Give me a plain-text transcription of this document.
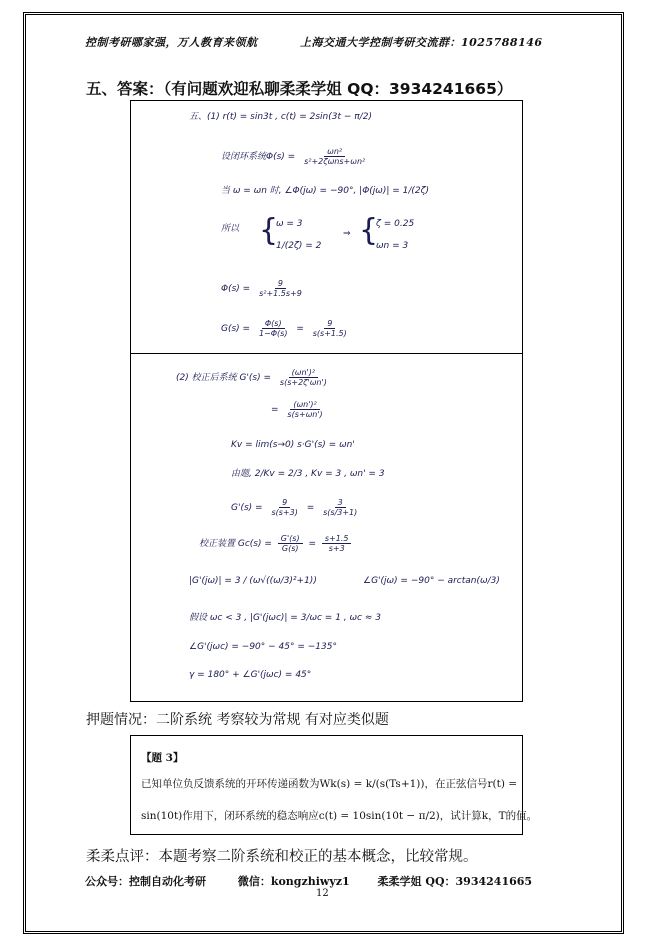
控制考研哪家强，万人教育来领航	上海交通大学控制考研交流群：1025788146
五、答案：（有问题欢迎私聊柔柔学姐 QQ：3934241665）
五、(1) r(t) = sin3t , c(t) = 2sin(3t − π/2)
设闭环系统$\Phi(s) = \frac{\text{ωn²}}{\text{s²+2ζωns+ωn²}}$
当 ω = ωn 时, ∠Φ(jω) = −90°, |Φ(jω)| = 1/(2ζ)
所以 {
ω = 3
1/(2ζ) = 2
⇒ {
ζ = 0.25
ωn = 3
$\Phi(s) = \frac{9}{\text{s²+1.5s+9}}$
$G(s) = \frac{\Phi(s)}{1-\Phi(s)} = \frac{9}{s(s+1.5)}$
(2) 校正后系统 $G'(s) = \frac{\text{(ωn')²}}{s(s+2\zeta'\omega n')}$
= $\frac{\text{(ωn')²}}{s(s+\omega n')}$
Kv = lim(s→0) s·G'(s) = ωn'
由题, 2/Kv = 2/3 , Kv = 3 , ωn' = 3
$G'(s) = \frac{9}{s(s+3)} = \frac{3}{s(s/3+1)}$
校正装置 $Gc(s) = \frac{G'(s)}{G(s)} = \frac{s+1.5}{s+3}$
|G'(jω)| = 3 / (ω√((ω/3)²+1))	∠G'(jω) = −90° − arctan(ω/3)
假设 ωc < 3 , |G'(jωc)| = 3/ωc = 1 , ωc ≈ 3
∠G'(jωc) = −90° − 45° = −135°
γ = 180° + ∠G'(jωc) = 45°
押题情况：二阶系统 考察较为常规 有对应类似题
【题 3】
已知单位负反馈系统的开环传递函数为Wk(s) = k/(s(Ts+1))，在正弦信号r(t) =
sin(10t)作用下，闭环系统的稳态响应c(t) = 10sin(10t − π/2)，试计算k，T的值。
柔柔点评：本题考察二阶系统和校正的基本概念，比较常规。
公众号：控制自动化考研	微信：kongzhiwyz1	柔柔学姐 QQ：3934241665
12
